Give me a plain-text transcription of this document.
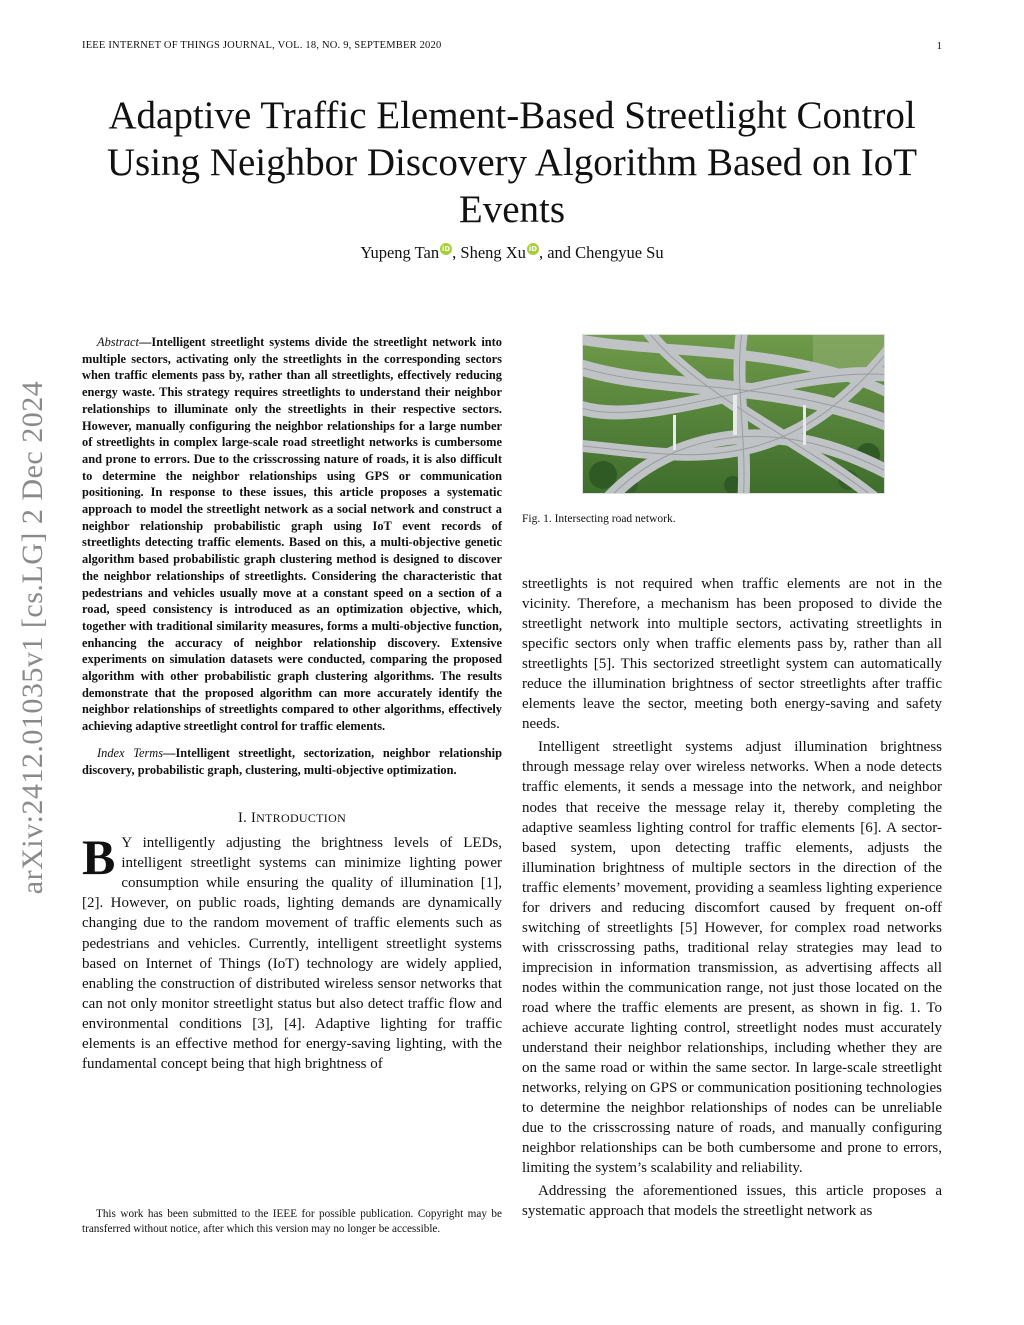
IEEE INTERNET OF THINGS JOURNAL, VOL. 18, NO. 9, SEPTEMBER 2020	1
Adaptive Traffic Element-Based Streetlight Control Using Neighbor Discovery Algorithm Based on IoT Events
Yupeng Tan iD , Sheng Xu iD , and Chengyue Su
arXiv:2412.01035v1 [cs.LG] 2 Dec 2024

Abstract—Intelligent streetlight systems divide the streetlight network into multiple sectors, activating only the streetlights in the corresponding sectors when traffic elements pass by, rather than all streetlights, effectively reducing energy waste. This strategy requires streetlights to understand their neighbor relationships to illuminate only the streetlights in their respective sectors. However, manually configuring the neighbor relationships for a large number of streetlights in complex large-scale road streetlight networks is cumbersome and prone to errors. Due to the crisscrossing nature of roads, it is also difficult to determine the neighbor relationships using GPS or communication positioning. In response to these issues, this article proposes a systematic approach to model the streetlight network as a social network and construct a neighbor relationship probabilistic graph using IoT event records of streetlights detecting traffic elements. Based on this, a multi-objective genetic algorithm based probabilistic graph clustering method is designed to discover the neighbor relationships of streetlights. Considering the characteristic that pedestrians and vehicles usually move at a constant speed on a section of a road, speed consistency is introduced as an optimization objective, which, together with traditional similarity measures, forms a multi-objective function, enhancing the accuracy of neighbor relationship discovery. Extensive experiments on simulation datasets were conducted, comparing the proposed algorithm with other probabilistic graph clustering algorithms. The results demonstrate that the proposed algorithm can more accurately identify the neighbor relationships of streetlights compared to other algorithms, effectively achieving adaptive streetlight control for traffic elements.

Index Terms—Intelligent streetlight, sectorization, neighbor relationship discovery, probabilistic graph, clustering, multi-objective optimization.

I. INTRODUCTION

B Y intelligently adjusting the brightness levels of LEDs, intelligent streetlight systems can minimize lighting power consumption while ensuring the quality of illumination [1], [2]. However, on public roads, lighting demands are dynamically changing due to the random movement of traffic elements such as pedestrians and vehicles. Currently, intelligent streetlight systems based on Internet of Things (IoT) technology are widely applied, enabling the construction of distributed wireless sensor networks that can not only monitor streetlight status but also detect traffic flow and environmental conditions [3], [4]. Adaptive lighting for traffic elements is an effective method for energy-saving lighting, with the fundamental concept being that high brightness of

This work has been submitted to the IEEE for possible publication. Copyright may be transferred without notice, after which this version may no longer be accessible.

Fig. 1. Intersecting road network.

streetlights is not required when traffic elements are not in the vicinity. Therefore, a mechanism has been proposed to divide the streetlight network into multiple sectors, activating streetlights in specific sectors only when traffic elements pass by, rather than all streetlights [5]. This sectorized streetlight system can automatically reduce the illumination brightness of sector streetlights after traffic elements leave the sector, meeting both energy-saving and safety needs.

Intelligent streetlight systems adjust illumination brightness through message relay over wireless networks. When a node detects traffic elements, it sends a message into the network, and neighbor nodes that receive the message relay it, thereby completing the adaptive seamless lighting control for traffic elements [6]. A sector-based system, upon detecting traffic elements, adjusts the illumination brightness of multiple sectors in the direction of the traffic elements’ movement, providing a seamless lighting experience for drivers and reducing discomfort caused by frequent on-off switching of streetlights [5] However, for complex road networks with crisscrossing paths, traditional relay strategies may lead to imprecision in information transmission, as advertising affects all nodes within the communication range, not just those located on the road where the traffic elements are present, as shown in fig. 1. To achieve accurate lighting control, streetlight nodes must accurately understand their neighbor relationships, including whether they are on the same road or within the same sector. In large-scale streetlight networks, relying on GPS or communication positioning technologies to determine the neighbor relationships of nodes can be unreliable due to the crisscrossing nature of roads, and manually configuring neighbor relationships can be both cumbersome and prone to errors, limiting the system’s scalability and reliability.

Addressing the aforementioned issues, this article proposes a systematic approach that models the streetlight network as
